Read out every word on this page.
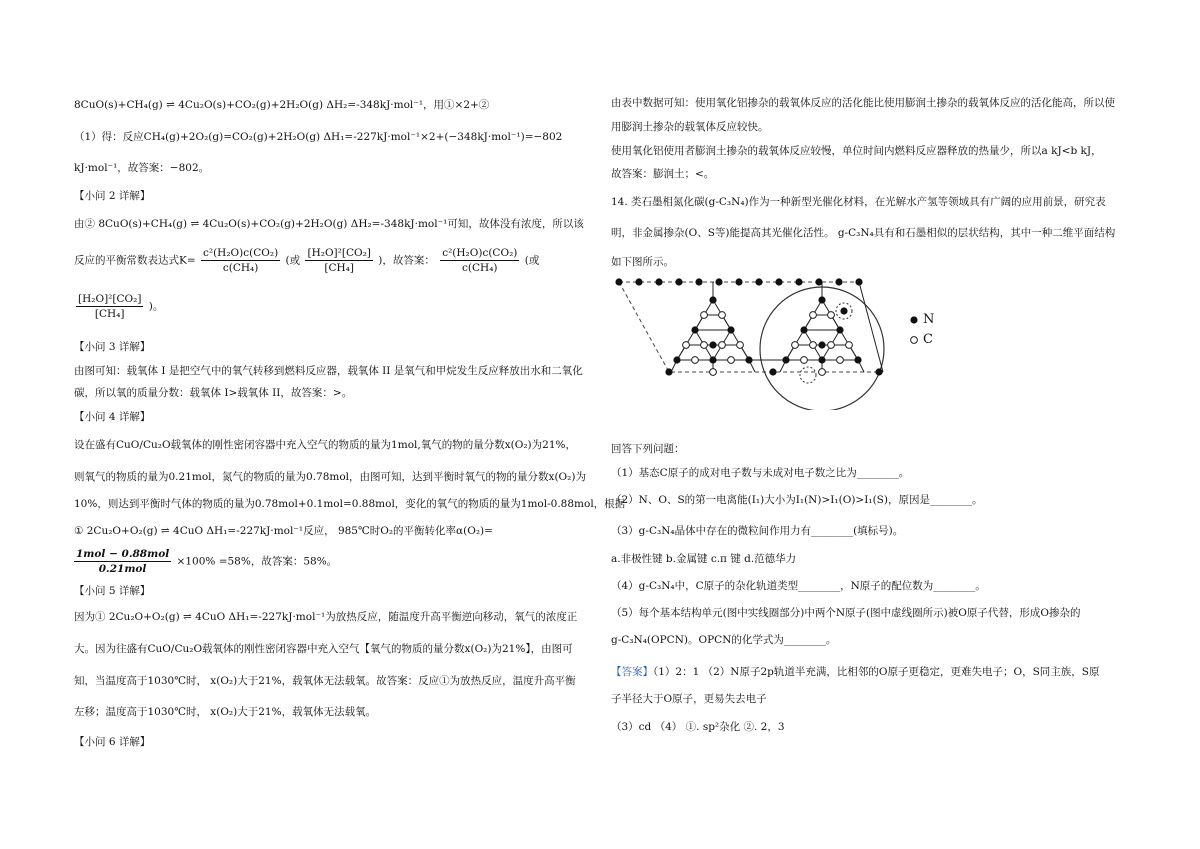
8CuO(s)+CH₄(g) ⇌ 4Cu₂O(s)+CO₂(g)+2H₂O(g) ΔH₂=-348kJ·mol⁻¹，用①×2+②
（1）得：反应CH₄(g)+2O₂(g)=CO₂(g)+2H₂O(g) ΔH₁=-227kJ·mol⁻¹×2+(−348kJ·mol⁻¹)=−802
kJ·mol⁻¹，故答案：−802。
【小问 2 详解】
由② 8CuO(s)+CH₄(g) ⇌ 4Cu₂O(s)+CO₂(g)+2H₂O(g) ΔH₂=-348kJ·mol⁻¹可知，故体没有浓度，所以该
反应的平衡常数表达式$K= \frac{\text{c²(H₂O)c(CO₂)}}{\text{c(CH₄)}}$ (或 $\frac{\text{[H₂O]²[CO₂]}}{\text{[CH₄]}}$ )，故答案： $\frac{\text{c²(H₂O)c(CO₂)}}{\text{c(CH₄)}}$ (或
$\frac{\text{[H₂O]²[CO₂]}}{\text{[CH₄]}}$ )。
【小问 3 详解】
由图可知：载氧体 I 是把空气中的氧气转移到燃料反应器，载氧体 II 是氧气和甲烷发生反应释放出水和二氧化
碳，所以氧的质量分数：载氧体 I>载氧体 II，故答案：>。
【小问 4 详解】
设在盛有CuO/Cu₂O载氧体的刚性密闭容器中充入空气的物质的量为1mol,氧气的物的量分数x(O₂)为21%，
则氧气的物质的量为0.21mol，氮气的物质的量为0.78mol，由图可知，达到平衡时氧气的物的量分数x(O₂)为
10%，则达到平衡时气体的物质的量为0.78mol+0.1mol=0.88mol，变化的氧气的物质的量为1mol-0.88mol，根据
① 2Cu₂O+O₂(g) ⇌ 4CuO ΔH₁=-227kJ·mol⁻¹反应， 985℃时O₂的平衡转化率α(O₂)=
$\frac{\text{1mol − 0.88mol}}{\text{0.21mol}} \times 100\% =58\%$，故答案：58%。
【小问 5 详解】
因为① 2Cu₂O+O₂(g) ⇌ 4CuO ΔH₁=-227kJ·mol⁻¹为放热反应，随温度升高平衡逆向移动，氧气的浓度正
大。因为往盛有CuO/Cu₂O载氧体的刚性密闭容器中充入空气【氧气的物质的量分数x(O₂)为21%】，由图可
知，当温度高于1030℃时， x(O₂)大于21%，载氧体无法载氧。故答案：反应①为放热反应，温度升高平衡
左移；温度高于1030℃时， x(O₂)大于21%，载氧体无法载氧。
【小问 6 详解】
由表中数据可知：使用氧化铝掺杂的载氧体反应的活化能比使用膨润土掺杂的载氧体反应的活化能高，所以使
用膨润土掺杂的载氧体反应较快。
使用氧化铝使用者膨润土掺杂的载氧体反应较慢，单位时间内燃料反应器释放的热量少，所以a kJ<b kJ，
故答案：膨润土；<。
14. 类石墨相氮化碳(g-C₃N₄)作为一种新型光催化材料，在光解水产氢等领域具有广阔的应用前景，研究表
明，非金属掺杂(O、S等)能提高其光催化活性。 g-C₃N₄具有和石墨相似的层状结构，其中一种二维平面结构
如下图所示。
N
C
回答下列问题：
（1）基态C原子的成对电子数与未成对电子数之比为________。
（2）N、O、S的第一电离能(I₁)大小为I₁(N)>I₁(O)>I₁(S)，原因是________。
（3）g-C₃N₄晶体中存在的微粒间作用力有________(填标号)。
a.非极性键 b.金属键 c.π 键 d.范德华力
（4）g-C₃N₄中，C原子的杂化轨道类型________，N原子的配位数为________。
（5）每个基本结构单元(图中实线圈部分)中两个N原子(图中虚线圈所示)被O原子代替，形成O掺杂的
g-C₃N₄(OPCN)。OPCN的化学式为________。
【答案】（1）2：1 （2）N原子2p轨道半充满，比相邻的O原子更稳定，更难失电子；O，S同主族，S原
子半径大于O原子，更易失去电子
（3）cd （4） ①. sp²杂化 ②. 2，3
